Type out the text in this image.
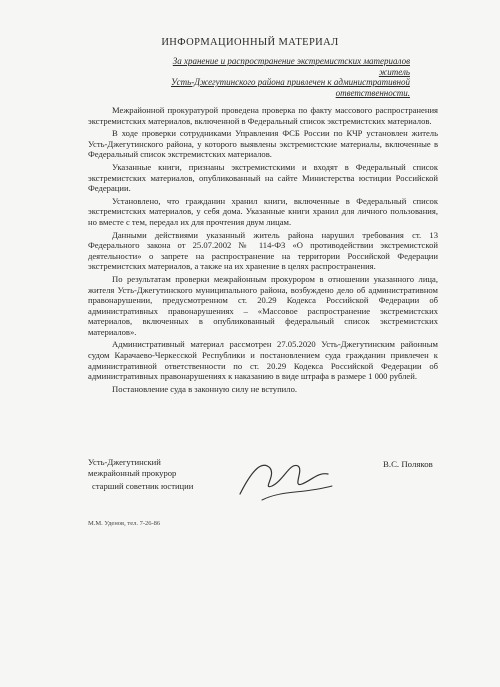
ИНФОРМАЦИОННЫЙ МАТЕРИАЛ
За хранение и распространение экстремистских материалов житель
Усть-Джегутинского района привлечен к административной
ответственности.

Межрайонной прокуратурой проведена проверка по факту массового распространения экстремистских материалов, включенной в Федеральный список экстремистских материалов.

В ходе проверки сотрудниками Управления ФСБ России по КЧР установлен житель Усть-Джегутинского района, у которого выявлены экстремистские материалы, включенные в Федеральный список экстремистских материалов.

Указанные книги, признаны экстремистскими и входят в Федеральный список экстремистских материалов, опубликованный на сайте Министерства юстиции Российской Федерации.

Установлено, что гражданин хранил книги, включенные в Федеральный список экстремистских материалов, у себя дома. Указанные книги хранил для личного пользования, но вместе с тем, передал их для прочтения двум лицам.

Данными действиями указанный житель района нарушил требования ст. 13 Федерального закона от 25.07.2002 № 114-ФЗ «О противодействии экстремистской деятельности» о запрете на распространение на территории Российской Федерации экстремистских материалов, а также на их хранение в целях распространения.

По результатам проверки межрайонным прокурором в отношении указанного лица, жителя Усть-Джегутинского муниципального района, возбуждено дело об административном правонарушении, предусмотренном ст. 20.29 Кодекса Российской Федерации об административных правонарушениях – «Массовое распространение экстремистских материалов, включенных в опубликованный федеральный список экстремистских материалов».

Административный материал рассмотрен 27.05.2020 Усть-Джегутинским районным судом Карачаево-Черкесской Республики и постановлением суда гражданин привлечен к административной ответственности по ст. 20.29 Кодекса Российской Федерации об административных правонарушениях к наказанию в виде штрафа в размере 1 000 рублей.

Постановление суда в законную силу не вступило.

Усть-Джегутинский
межрайонный прокурор
старший советник юстиции
В.С. Поляков
М.М. Уденов, тел. 7-26-86
